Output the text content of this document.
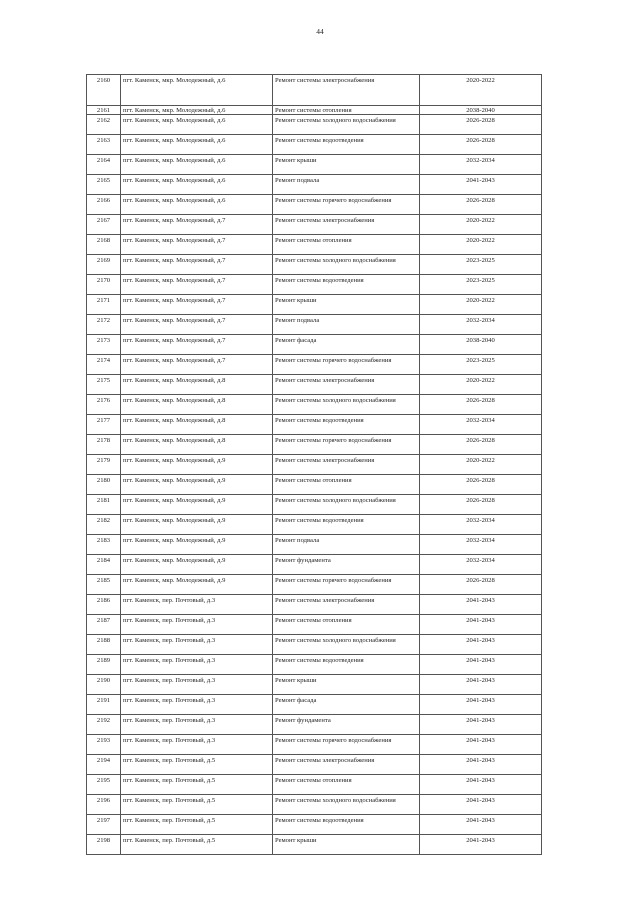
44
2160	пгт. Каменск, мкр. Молодежный, д.6	Ремонт системы электроснабжения	2020-2022
2161	пгт. Каменск, мкр. Молодежный, д.6	Ремонт системы отопления	2038-2040
2162	пгт. Каменск, мкр. Молодежный, д.6	Ремонт системы холодного водоснабжения	2026-2028
2163	пгт. Каменск, мкр. Молодежный, д.6	Ремонт системы водоотведения	2026-2028
2164	пгт. Каменск, мкр. Молодежный, д.6	Ремонт крыши	2032-2034
2165	пгт. Каменск, мкр. Молодежный, д.6	Ремонт подвала	2041-2043
2166	пгт. Каменск, мкр. Молодежный, д.6	Ремонт системы горячего водоснабжения	2026-2028
2167	пгт. Каменск, мкр. Молодежный, д.7	Ремонт системы электроснабжения	2020-2022
2168	пгт. Каменск, мкр. Молодежный, д.7	Ремонт системы отопления	2020-2022
2169	пгт. Каменск, мкр. Молодежный, д.7	Ремонт системы холодного водоснабжения	2023-2025
2170	пгт. Каменск, мкр. Молодежный, д.7	Ремонт системы водоотведения	2023-2025
2171	пгт. Каменск, мкр. Молодежный, д.7	Ремонт крыши	2020-2022
2172	пгт. Каменск, мкр. Молодежный, д.7	Ремонт подвала	2032-2034
2173	пгт. Каменск, мкр. Молодежный, д.7	Ремонт фасада	2038-2040
2174	пгт. Каменск, мкр. Молодежный, д.7	Ремонт системы горячего водоснабжения	2023-2025
2175	пгт. Каменск, мкр. Молодежный, д.8	Ремонт системы электроснабжения	2020-2022
2176	пгт. Каменск, мкр. Молодежный, д.8	Ремонт системы холодного водоснабжения	2026-2028
2177	пгт. Каменск, мкр. Молодежный, д.8	Ремонт системы водоотведения	2032-2034
2178	пгт. Каменск, мкр. Молодежный, д.8	Ремонт системы горячего водоснабжения	2026-2028
2179	пгт. Каменск, мкр. Молодежный, д.9	Ремонт системы электроснабжения	2020-2022
2180	пгт. Каменск, мкр. Молодежный, д.9	Ремонт системы отопления	2026-2028
2181	пгт. Каменск, мкр. Молодежный, д.9	Ремонт системы холодного водоснабжения	2026-2028
2182	пгт. Каменск, мкр. Молодежный, д.9	Ремонт системы водоотведения	2032-2034
2183	пгт. Каменск, мкр. Молодежный, д.9	Ремонт подвала	2032-2034
2184	пгт. Каменск, мкр. Молодежный, д.9	Ремонт фундамента	2032-2034
2185	пгт. Каменск, мкр. Молодежный, д.9	Ремонт системы горячего водоснабжения	2026-2028
2186	пгт. Каменск, пер. Почтовый, д.3	Ремонт системы электроснабжения	2041-2043
2187	пгт. Каменск, пер. Почтовый, д.3	Ремонт системы отопления	2041-2043
2188	пгт. Каменск, пер. Почтовый, д.3	Ремонт системы холодного водоснабжения	2041-2043
2189	пгт. Каменск, пер. Почтовый, д.3	Ремонт системы водоотведения	2041-2043
2190	пгт. Каменск, пер. Почтовый, д.3	Ремонт крыши	2041-2043
2191	пгт. Каменск, пер. Почтовый, д.3	Ремонт фасада	2041-2043
2192	пгт. Каменск, пер. Почтовый, д.3	Ремонт фундамента	2041-2043
2193	пгт. Каменск, пер. Почтовый, д.3	Ремонт системы горячего водоснабжения	2041-2043
2194	пгт. Каменск, пер. Почтовый, д.5	Ремонт системы электроснабжения	2041-2043
2195	пгт. Каменск, пер. Почтовый, д.5	Ремонт системы отопления	2041-2043
2196	пгт. Каменск, пер. Почтовый, д.5	Ремонт системы холодного водоснабжения	2041-2043
2197	пгт. Каменск, пер. Почтовый, д.5	Ремонт системы водоотведения	2041-2043
2198	пгт. Каменск, пер. Почтовый, д.5	Ремонт крыши	2041-2043
